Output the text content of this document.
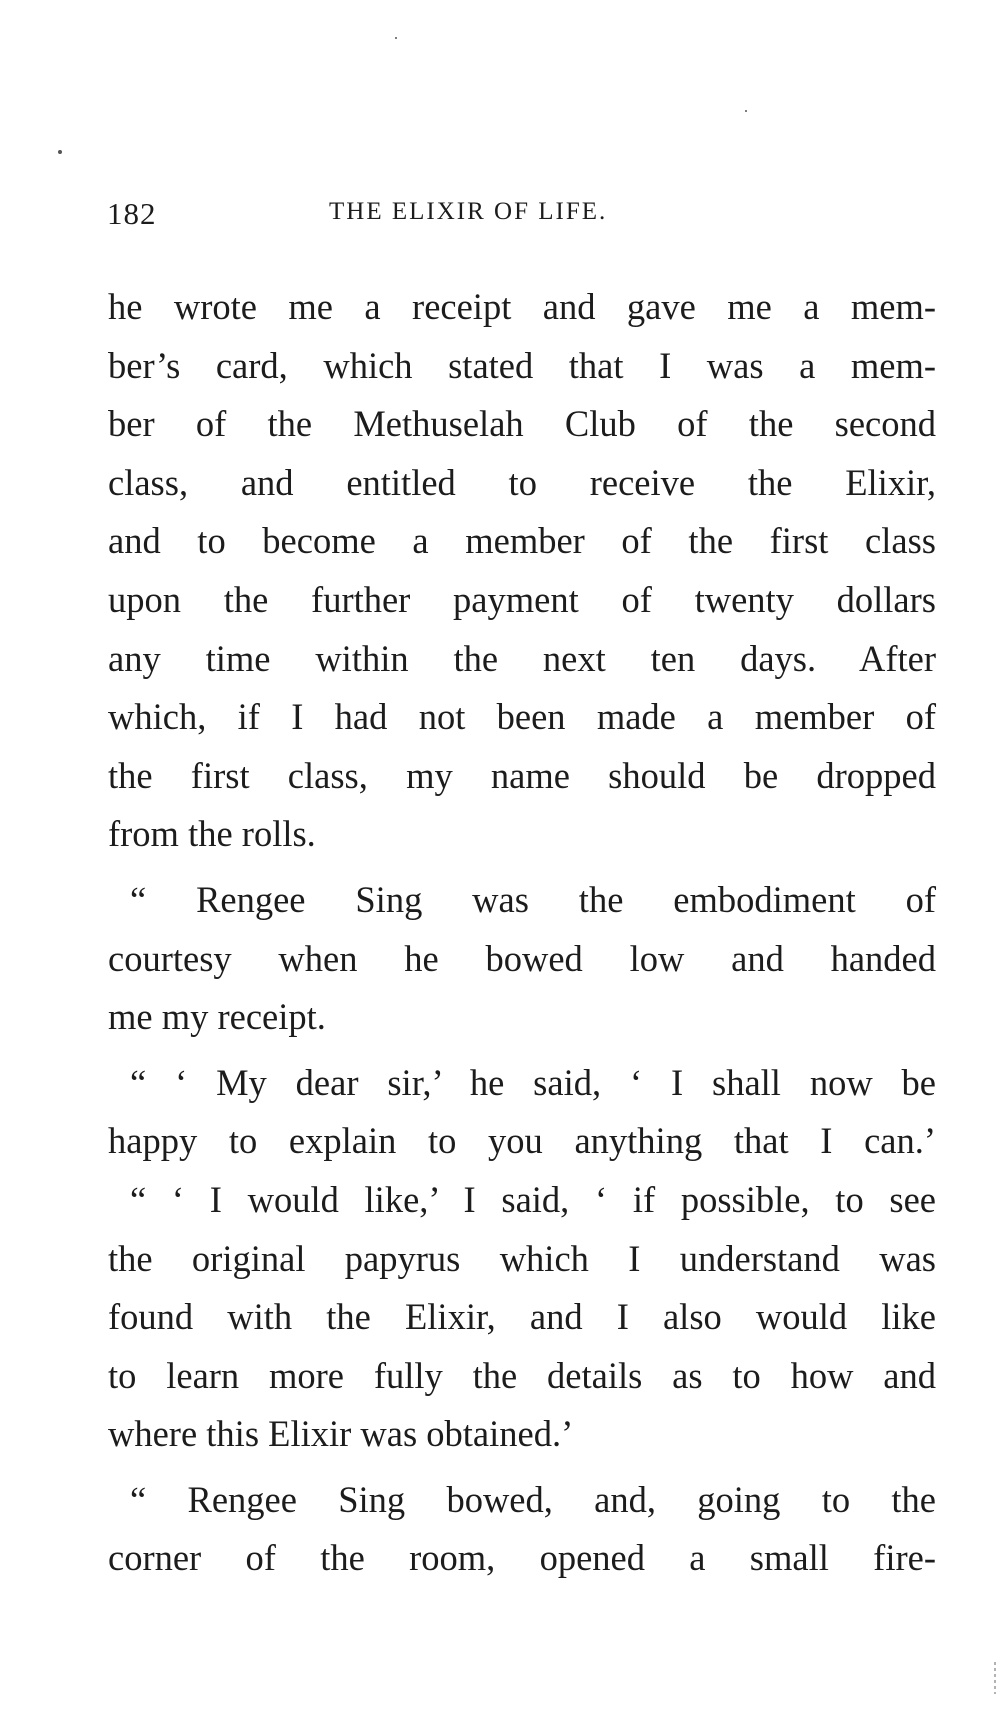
182	THE ELIXIR OF LIFE.
he wrote me a receipt and gave me a mem-
ber’s card, which stated that I was a mem-
ber of the Methuselah Club of the second
class, and entitled to receive the Elixir,
and to become a member of the first class
upon the further payment of twenty dollars
any time within the next ten days. After
which, if I had not been made a member of
the first class, my name should be dropped
from the rolls.
“ Rengee Sing was the embodiment of
courtesy when he bowed low and handed
me my receipt.
“ ‘ My dear sir,’ he said, ‘ I shall now be
happy to explain to you anything that I can.’
“ ‘ I would like,’ I said, ‘ if possible, to see
the original papyrus which I understand was
found with the Elixir, and I also would like
to learn more fully the details as to how and
where this Elixir was obtained.’
“ Rengee Sing bowed, and, going to the
corner of the room, opened a small fire-
